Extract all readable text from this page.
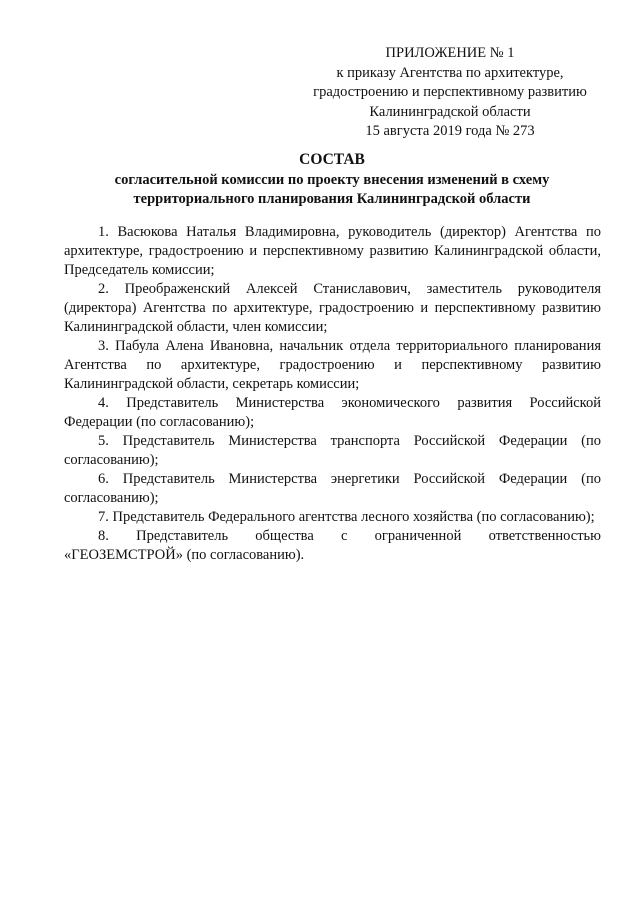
ПРИЛОЖЕНИЕ № 1
к приказу Агентства по архитектуре,
градостроению и перспективному развитию
Калининградской области
15 августа 2019 года № 273
СОСТАВ
согласительной комиссии по проекту внесения изменений в схему
территориального планирования Калининградской области

1. Васюкова Наталья Владимировна, руководитель (директор) Агентства по архитектуре, градостроению и перспективному развитию Калининградской области, Председатель комиссии;

2. Преображенский Алексей Станиславович, заместитель руководителя (директора) Агентства по архитектуре, градостроению и перспективному развитию Калининградской области, член комиссии;

3. Пабула Алена Ивановна, начальник отдела территориального планирования Агентства по архитектуре, градостроению и перспективному развитию Калининградской области, секретарь комиссии;

4. Представитель Министерства экономического развития Российской Федерации (по согласованию);

5. Представитель Министерства транспорта Российской Федерации (по согласованию);

6. Представитель Министерства энергетики Российской Федерации (по согласованию);

7. Представитель Федерального агентства лесного хозяйства (по согласованию);

8. Представитель общества с ограниченной ответственностью «ГЕОЗЕМСТРОЙ» (по согласованию).
